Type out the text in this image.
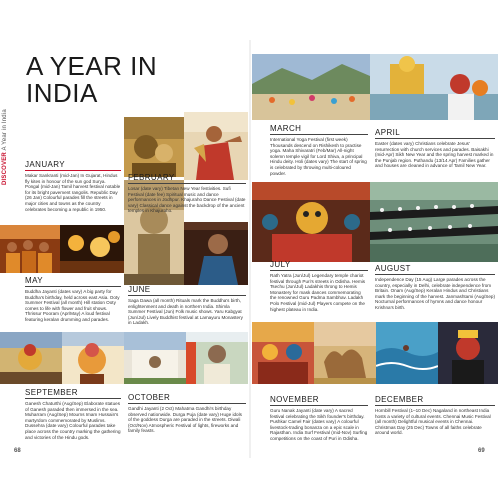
DISCOVER A Year in India
A YEAR IN
INDIA
JANUARY

Makar Sankranti (mid-Jan) In Gujarat, Hindus fly kites in honour of the sun god Surya. Pongal (mid-Jan) Tamil harvest festival notable for its bright pavement rangolis. Republic Day (26 Jan) Colourful parades fill the streets in major cities and towns as the country celebrates becoming a republic in 1950.

FEBRUARY

Losar (date vary) Tibetan New Year festivities. Sufi Festival (date fee) Spiritual music and dance performances in Jodhpur. Khajuraho Dance Festival (date vary) Classical dance against the backdrop of the ancient temples in Khajuraho.

MAY

Buddha Jayanti (dates vary) A big party for Buddha's birthday, held across east Asia. Ooty Summer Festival (all month) Hill station Ooty comes to life with flower and fruit shows. Thrissur Pooram (Apr/May) A loud festival featuring keralan drumming and parades.

JUNE

Saga Dawa (all month) Rituals mark the Buddha's birth, enlightenment and death in northern India. Shimla Summer Festival (Jun) Folk music shows. Yaru Kabgyat (Jun/Jul) Lively Buddhist festival at Lamayuru Monastery in Ladakh.

SEPTEMBER

Ganesh Chaturthi (Aug/Sep) Elaborate statues of Ganesh paraded then immersed in the sea. Muharram (Aug/Sep) Mourns Imam Hussain's martyrdom commemorated by Muslims. Dussehra (date vary) Colourful parades take place across the country marking the gathering and victories of the Hindu gods.

OCTOBER

Gandhi Jayanti (2 Oct) Mahatma Gandhi's birthday observed nationwide. Durga Puja (date vary) Huge idols of the goddess Durga are paraded in the streets. Diwali (Oct/Nov) Atmospheric Festival of lights, fireworks and family feasts.

68
MARCH

International Yoga Festival (first week) Thousands descend on Rishikesh to practise yoga. Maha Shivaratri (Feb/Mar) All-night solemn temple vigil for Lord Shiva, a principal Hindu deity. Holi (dates vary) The start of spring is celebrated by throwing multi-coloured powder.

APRIL

Easter (dates vary) Christians celebrate Jesus' resurrection with church services and parades. Baisakhi (mid-Apr) Sikh New Year and the spring harvest marked in the Punjab region. Puthandu (13/14 Apr) Families gather and houses are cleaned in advance of Tamil New Year.

JULY

Rath Yatra (Jun/Jul) Legendary temple chariot festival through Puri's streets in Odisha. Hemis Tsechu (Jun/Jul) Ladakhis throng to Hemis Monastery for mask dances commemorating the renowned Guru Padma Sambhav. Ladakh Polo Festival (mid-Jul) Players compete on the highest plateau in India.

AUGUST

Independence Day (15 Aug) Large parades across the country, especially in Delhi, celebrate independence from Britain. Onam (Aug/Sep) Keralan Hindus and Christians mark the beginning of the harvest. Janmashtami (Aug/Sep) Nocturnal performances of hymns and dance honour Krishna's birth.

NOVEMBER

Guru Nanak Jayanti (date vary) A sacred festival celebrating the Sikh founder's birthday. Pushkar Camel Fair (dates vary) A colourful livestock-trading bonanza on a epic scale in Rajasthan. India Surf Festival (mid-Nov) Surfing competitions on the coast of Puri in Odisha.

DECEMBER

Hornbill Festival (1–10 Dec) Nagaland in northeast India hosts a variety of cultural events. Chennai Music Festival (all month) Delightful musical events in Chennai. Christmas Day (25 Dec) Towns of all faiths celebrate around world.

69
